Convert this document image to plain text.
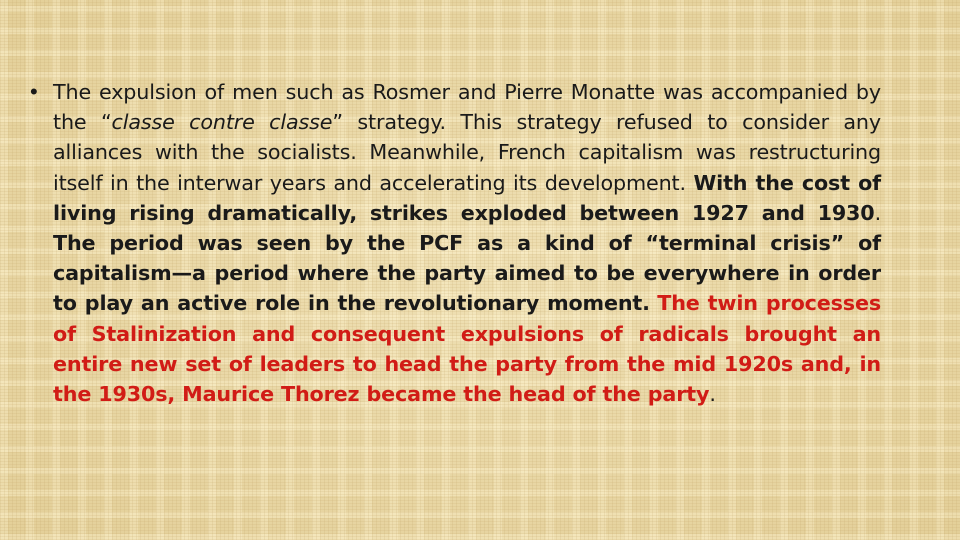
• The expulsion of men such as Rosmer and Pierre Monatte was accompanied by the “classe contre classe” strategy. This strategy refused to consider any alliances with the socialists. Meanwhile, French capitalism was restructuring itself in the interwar years and accelerating its development. With the cost of living rising dramatically, strikes exploded between 1927 and 1930. The period was seen by the PCF as a kind of “terminal crisis” of capitalism—a period where the party aimed to be everywhere in order to play an active role in the revolutionary moment. The twin processes of Stalinization and consequent expulsions of radicals brought an entire new set of leaders to head the party from the mid 1920s and, in the 1930s, Maurice Thorez became the head of the party.
